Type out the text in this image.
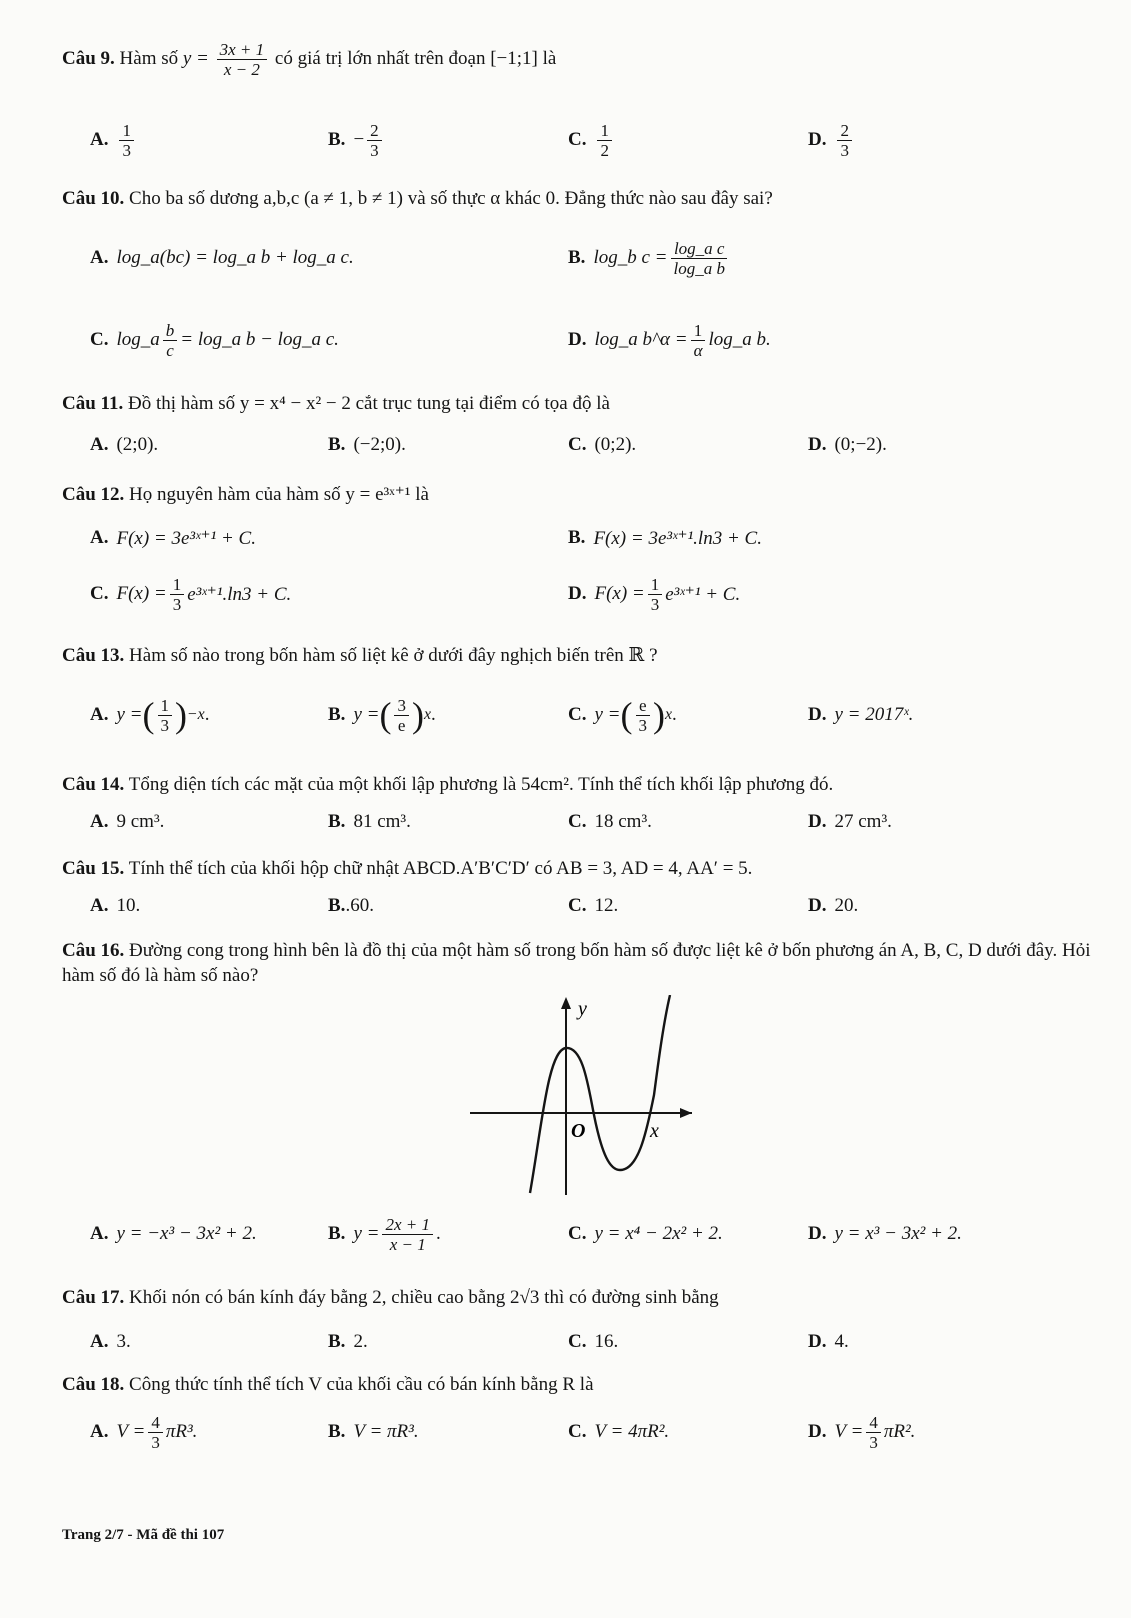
Câu 9. Hàm số $y = \frac{3x + 1}{x - 2}$ có giá trị lớn nhất trên đoạn [−1;1] là
A. $\frac{1}{3}$	B. − $\frac{2}{3}$	C. $\frac{1}{2}$	D. $\frac{2}{3}$
Câu 10. Cho ba số dương a,b,c (a ≠ 1, b ≠ 1) và số thực α khác 0. Đẳng thức nào sau đây sai?
A. log_a(bc) = log_a b + log_a c.	B. log_b $c = \frac{\text{log\_a c}}{\text{log\_a b}}$
C. log_a $\frac{b}{c}$ = log_a b − log_a c.	D. log_a b^α = $\frac{1}{\alpha}$ log_a b.
Câu 11. Đồ thị hàm số y = x⁴ − x² − 2 cắt trục tung tại điểm có tọa độ là
A. (2;0).	B. (−2;0).	C. (0;2).	D. (0;−2).
Câu 12. Họ nguyên hàm của hàm số y = e³ˣ⁺¹ là
A. F(x) = 3e³ˣ⁺¹ + C.	B. F(x) = 3e³ˣ⁺¹.ln3 + C.
C. $F(x) = \frac{1}{3}$ e³ˣ⁺¹.ln3 + C.	D. $F(x) = \frac{1}{3}$ e³ˣ⁺¹ + C.
Câu 13. Hàm số nào trong bốn hàm số liệt kê ở dưới đây nghịch biến trên ℝ ?
A. y = ( $\frac{1}{3}$ ) −x .	B. y = ( $\frac{3}{e}$ ) x .	C. y = ( $\frac{e}{3}$ ) x .	D. y = 2017ˣ.
Câu 14. Tổng diện tích các mặt của một khối lập phương là 54cm². Tính thể tích khối lập phương đó.
A. 9 cm³.	B. 81 cm³.	C. 18 cm³.	D. 27 cm³.
Câu 15. Tính thể tích của khối hộp chữ nhật ABCD.A′B′C′D′ có AB = 3, AD = 4, AA′ = 5.
A. 10.	B. .60.	C. 12.	D. 20.
Câu 16. Đường cong trong hình bên là đồ thị của một hàm số trong bốn hàm số được liệt kê ở bốn phương án A, B, C, D dưới đây. Hỏi hàm số đó là hàm số nào?
y
x
O
A. y = −x³ − 3x² + 2.	B. $y = \frac{2x + 1}{x - 1}$ .	C. y = x⁴ − 2x² + 2.	D. y = x³ − 3x² + 2.
Câu 17. Khối nón có bán kính đáy bằng 2, chiều cao bằng 2√3 thì có đường sinh bằng
A. 3.	B. 2.	C. 16.	D. 4.
Câu 18. Công thức tính thể tích V của khối cầu có bán kính bằng R là
A. $V = \frac{4}{3} \pi R^3$.	B. V = πR³.	C. V = 4πR².	D. $V = \frac{4}{3} \pi R^2$.
Trang 2/7 - Mã đề thi 107
